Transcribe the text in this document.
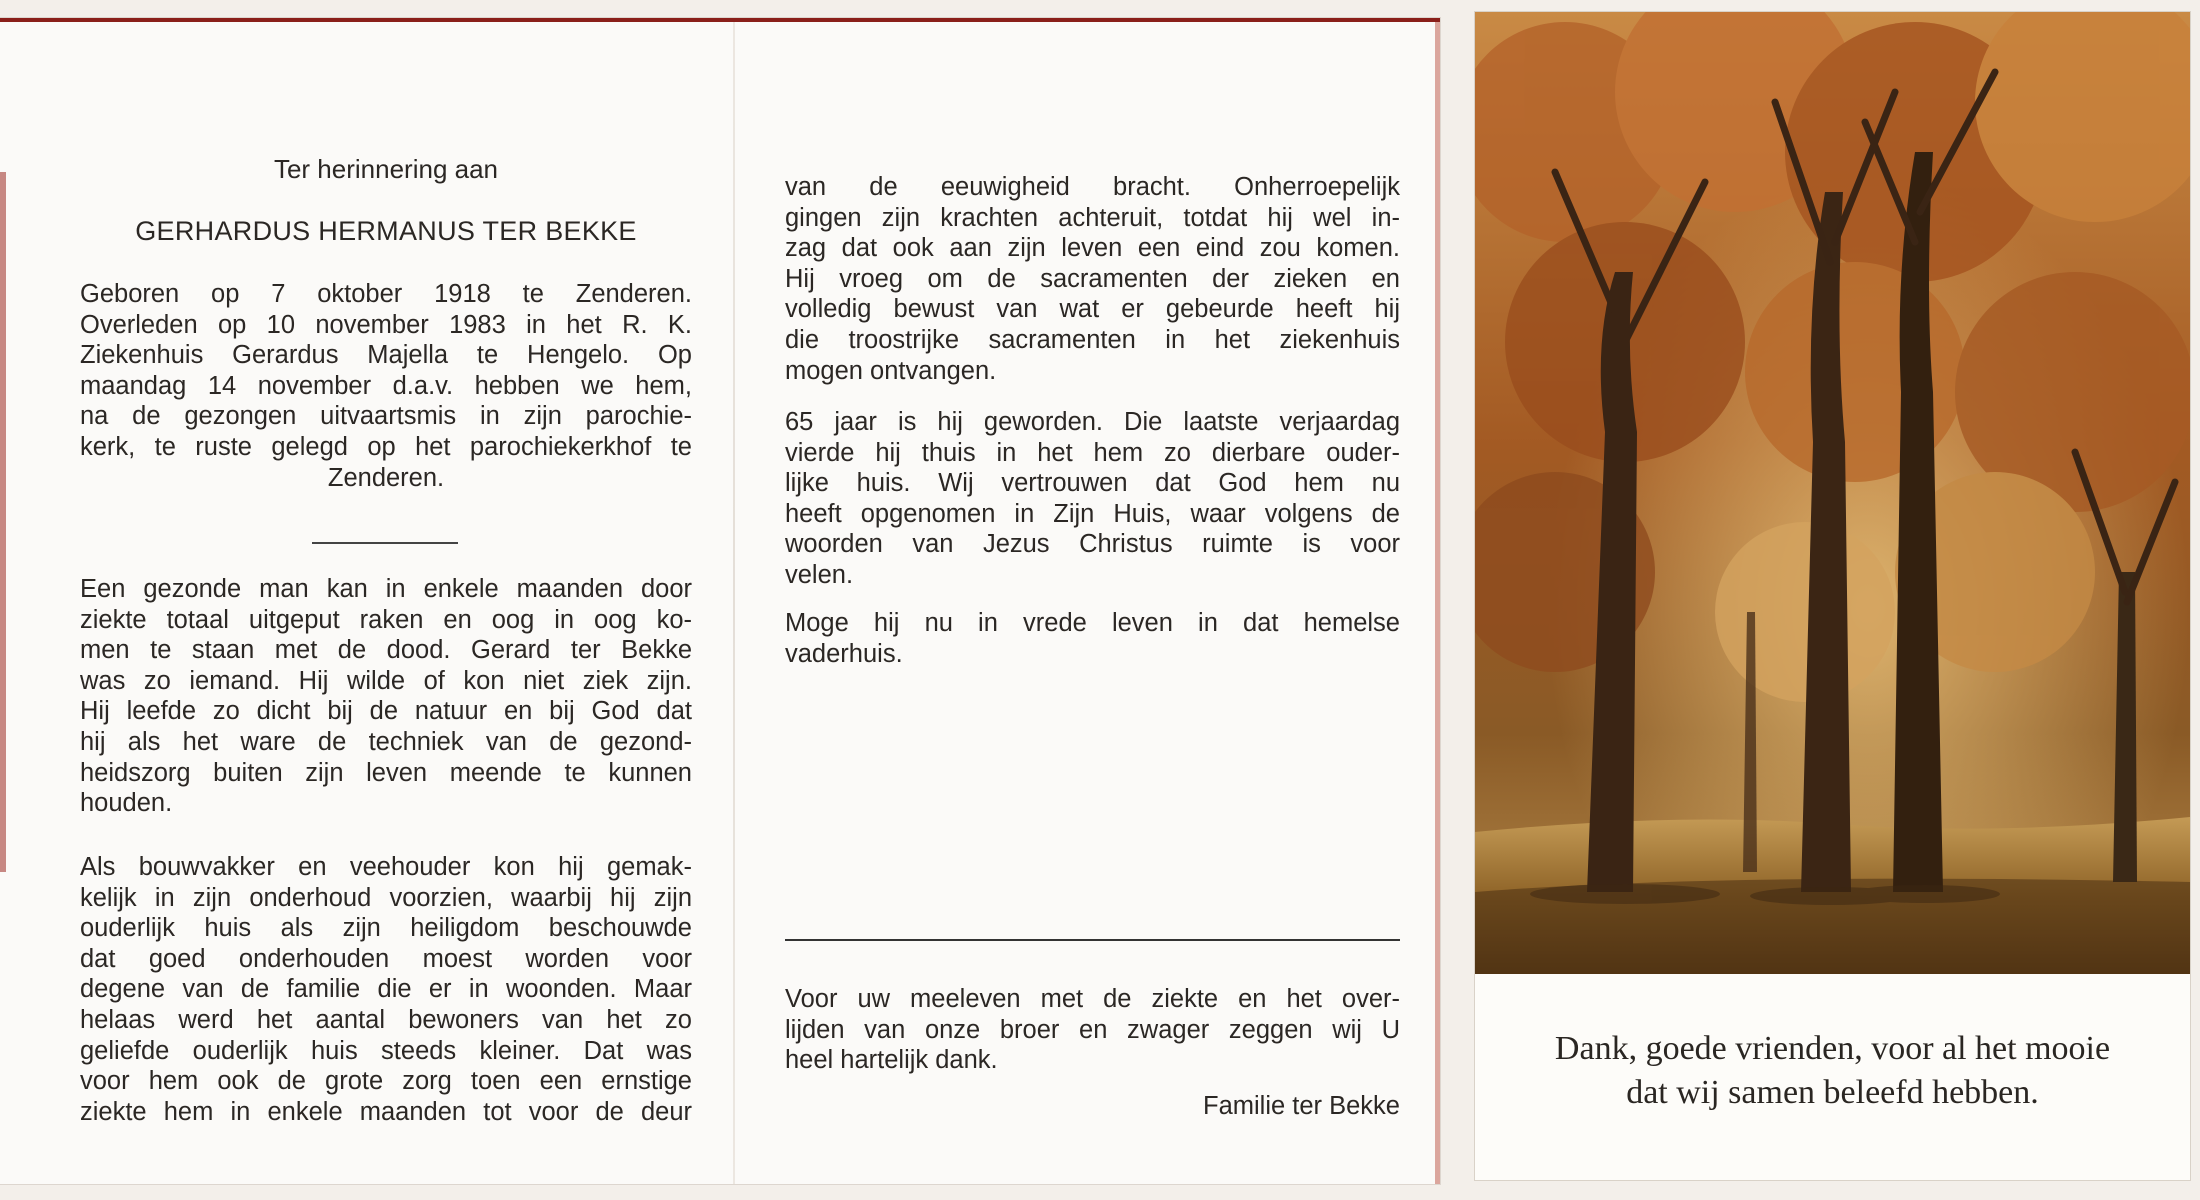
Ter herinnering aan

GERHARDUS HERMANUS TER BEKKE

Geboren op 7 oktober 1918 te Zenderen.
Overleden op 10 november 1983 in het R. K.
Ziekenhuis Gerardus Majella te Hengelo. Op
maandag 14 november d.a.v. hebben we hem,
na de gezongen uitvaartsmis in zijn parochie-
kerk, te ruste gelegd op het parochiekerkhof te
Zenderen.
Een gezonde man kan in enkele maanden door
ziekte totaal uitgeput raken en oog in oog ko-
men te staan met de dood. Gerard ter Bekke
was zo iemand. Hij wilde of kon niet ziek zijn.
Hij leefde zo dicht bij de natuur en bij God dat
hij als het ware de techniek van de gezond-
heidszorg buiten zijn leven meende te kunnen
houden.
Als bouwvakker en veehouder kon hij gemak-
kelijk in zijn onderhoud voorzien, waarbij hij zijn
ouderlijk huis als zijn heiligdom beschouwde
dat goed onderhouden moest worden voor
degene van de familie die er in woonden. Maar
helaas werd het aantal bewoners van het zo
geliefde ouderlijk huis steeds kleiner. Dat was
voor hem ook de grote zorg toen een ernstige
ziekte hem in enkele maanden tot voor de deur
van de eeuwigheid bracht. Onherroepelijk
gingen zijn krachten achteruit, totdat hij wel in-
zag dat ook aan zijn leven een eind zou komen.
Hij vroeg om de sacramenten der zieken en
volledig bewust van wat er gebeurde heeft hij
die troostrijke sacramenten in het ziekenhuis
mogen ontvangen.
65 jaar is hij geworden. Die laatste verjaardag
vierde hij thuis in het hem zo dierbare ouder-
lijke huis. Wij vertrouwen dat God hem nu
heeft opgenomen in Zijn Huis, waar volgens de
woorden van Jezus Christus ruimte is voor
velen.
Moge hij nu in vrede leven in dat hemelse
vaderhuis.
Voor uw meeleven met de ziekte en het over-
lijden van onze broer en zwager zeggen wij U
heel hartelijk dank.

Familie ter Bekke

Dank, goede vrienden, voor al het mooie
dat wij samen beleefd hebben.
